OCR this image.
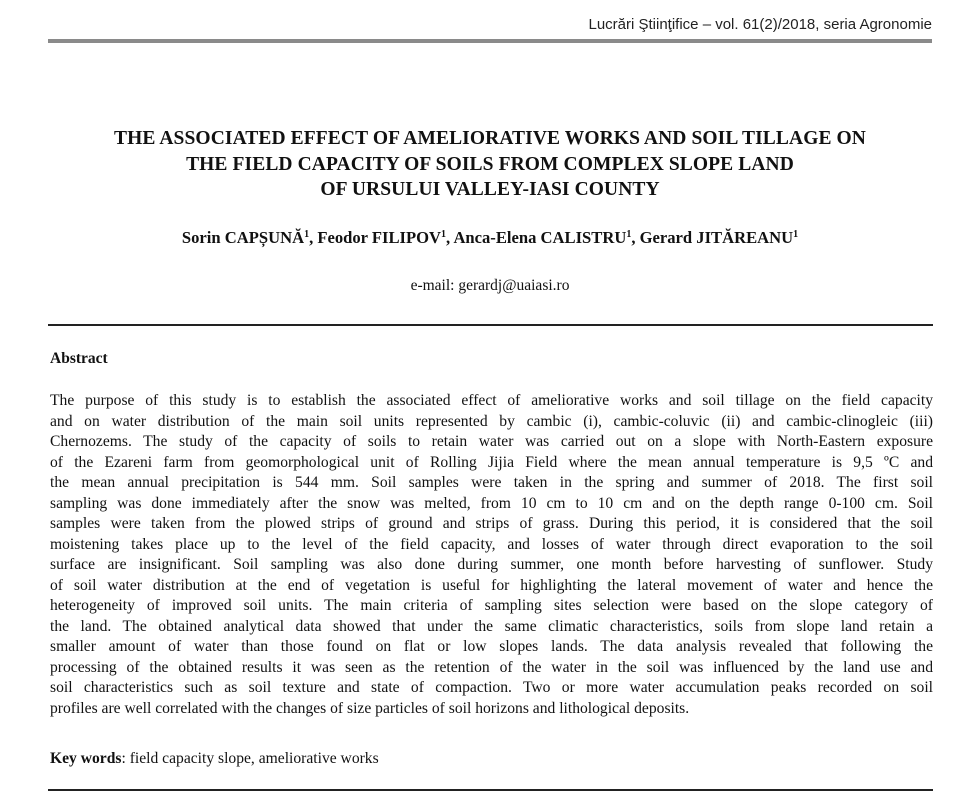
Lucrări Ştiinţifice – vol. 61(2)/2018, seria Agronomie
THE ASSOCIATED EFFECT OF AMELIORATIVE WORKS AND SOIL TILLAGE ON
THE FIELD CAPACITY OF SOILS FROM COMPLEX SLOPE LAND
OF URSULUI VALLEY-IASI COUNTY
Sorin CAPȘUNĂ$^1$, Feodor FILIPOV$^1$, Anca-Elena CALISTRU$^1$, Gerard JITĂREANU$^1$
e-mail: gerardj@uaiasi.ro
Abstract
The purpose of this study is to establish the associated effect of ameliorative works and soil tillage on the field capacity
and on water distribution of the main soil units represented by cambic (i), cambic-coluvic (ii) and cambic-clinogleic (iii)
Chernozems. The study of the capacity of soils to retain water was carried out on a slope with North-Eastern exposure
of the Ezareni farm from geomorphological unit of Rolling Jijia Field where the mean annual temperature is 9,5 ºC and
the mean annual precipitation is 544 mm. Soil samples were taken in the spring and summer of 2018. The first soil
sampling was done immediately after the snow was melted, from 10 cm to 10 cm and on the depth range 0-100 cm. Soil
samples were taken from the plowed strips of ground and strips of grass. During this period, it is considered that the soil
moistening takes place up to the level of the field capacity, and losses of water through direct evaporation to the soil
surface are insignificant. Soil sampling was also done during summer, one month before harvesting of sunflower. Study
of soil water distribution at the end of vegetation is useful for highlighting the lateral movement of water and hence the
heterogeneity of improved soil units. The main criteria of sampling sites selection were based on the slope category of
the land. The obtained analytical data showed that under the same climatic characteristics, soils from slope land retain a
smaller amount of water than those found on flat or low slopes lands. The data analysis revealed that following the
processing of the obtained results it was seen as the retention of the water in the soil was influenced by the land use and
soil characteristics such as soil texture and state of compaction. Two or more water accumulation peaks recorded on soil
profiles are well correlated with the changes of size particles of soil horizons and lithological deposits.
Key words: field capacity slope, ameliorative works
